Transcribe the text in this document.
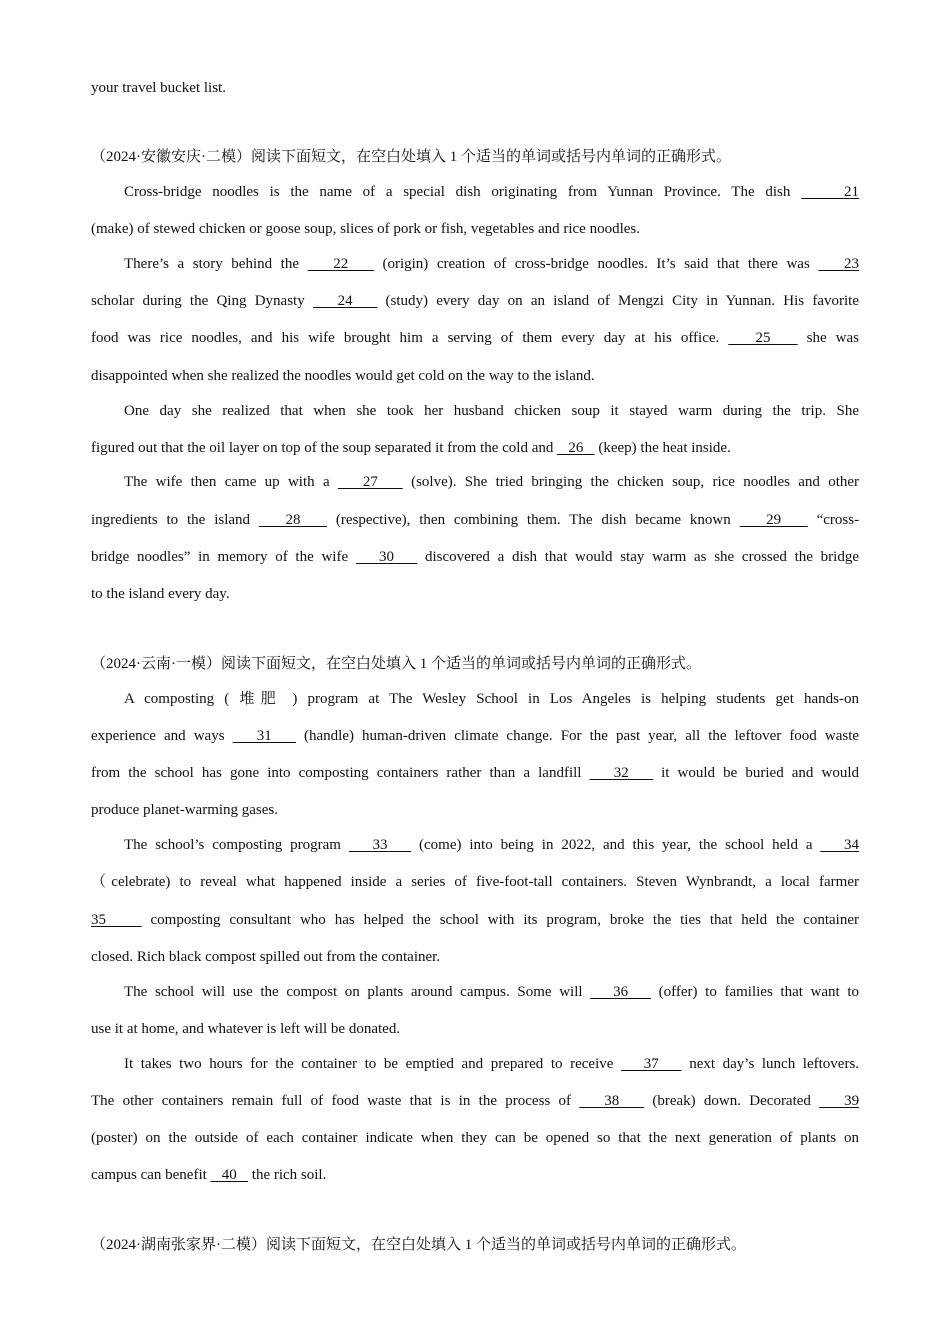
your travel bucket list.
（2024·安徽安庆·二模）阅读下面短文，在空白处填入 1 个适当的单词或括号内单词的正确形式。
Cross-bridge noodles is the name of a special dish originating from Yunnan Province. The dish     21
(make) of stewed chicken or goose soup, slices of pork or fish, vegetables and rice noodles.
There’s a story behind the    22    (origin) creation of cross-bridge noodles. It’s said that there was    23
scholar during the Qing Dynasty    24    (study) every day on an island of Mengzi City in Yunnan. His favorite
food was rice noodles, and his wife brought him a serving of them every day at his office.    25    she was
disappointed when she realized the noodles would get cold on the way to the island.
One day she realized that when she took her husband chicken soup it stayed warm during the trip. She
figured out that the oil layer on top of the soup separated it from the cold and    26    (keep) the heat inside.
The wife then came up with a    27    (solve). She tried bringing the chicken soup, rice noodles and other
ingredients to the island    28    (respective), then combining them. The dish became known    29    “cross-
bridge noodles” in memory of the wife    30    discovered a dish that would stay warm as she crossed the bridge
to the island every day.
（2024·云南·一模）阅读下面短文，在空白处填入 1 个适当的单词或括号内单词的正确形式。
A composting ( 堆肥 ) program at The Wesley School in Los Angeles is helping students get hands-on
experience and ways    31    (handle) human-driven climate change. For the past year, all the leftover food waste
from the school has gone into composting containers rather than a landfill    32    it would be buried and would
produce planet-warming gases.
The school’s composting program    33    (come) into being in 2022, and this year, the school held a    34
（celebrate) to reveal what happened inside a series of five-foot-tall containers. Steven Wynbrandt, a local farmer
35     composting consultant who has helped the school with its program, broke the ties that held the container
closed. Rich black compost spilled out from the container.
The school will use the compost on plants around campus. Some will    36    (offer) to families that want to
use it at home, and whatever is left will be donated.
It takes two hours for the container to be emptied and prepared to receive    37    next day’s lunch leftovers.
The other containers remain full of food waste that is in the process of    38    (break) down. Decorated    39
(poster) on the outside of each container indicate when they can be opened so that the next generation of plants on
campus can benefit    40    the rich soil.
（2024·湖南张家界·二模）阅读下面短文，在空白处填入 1 个适当的单词或括号内单词的正确形式。
